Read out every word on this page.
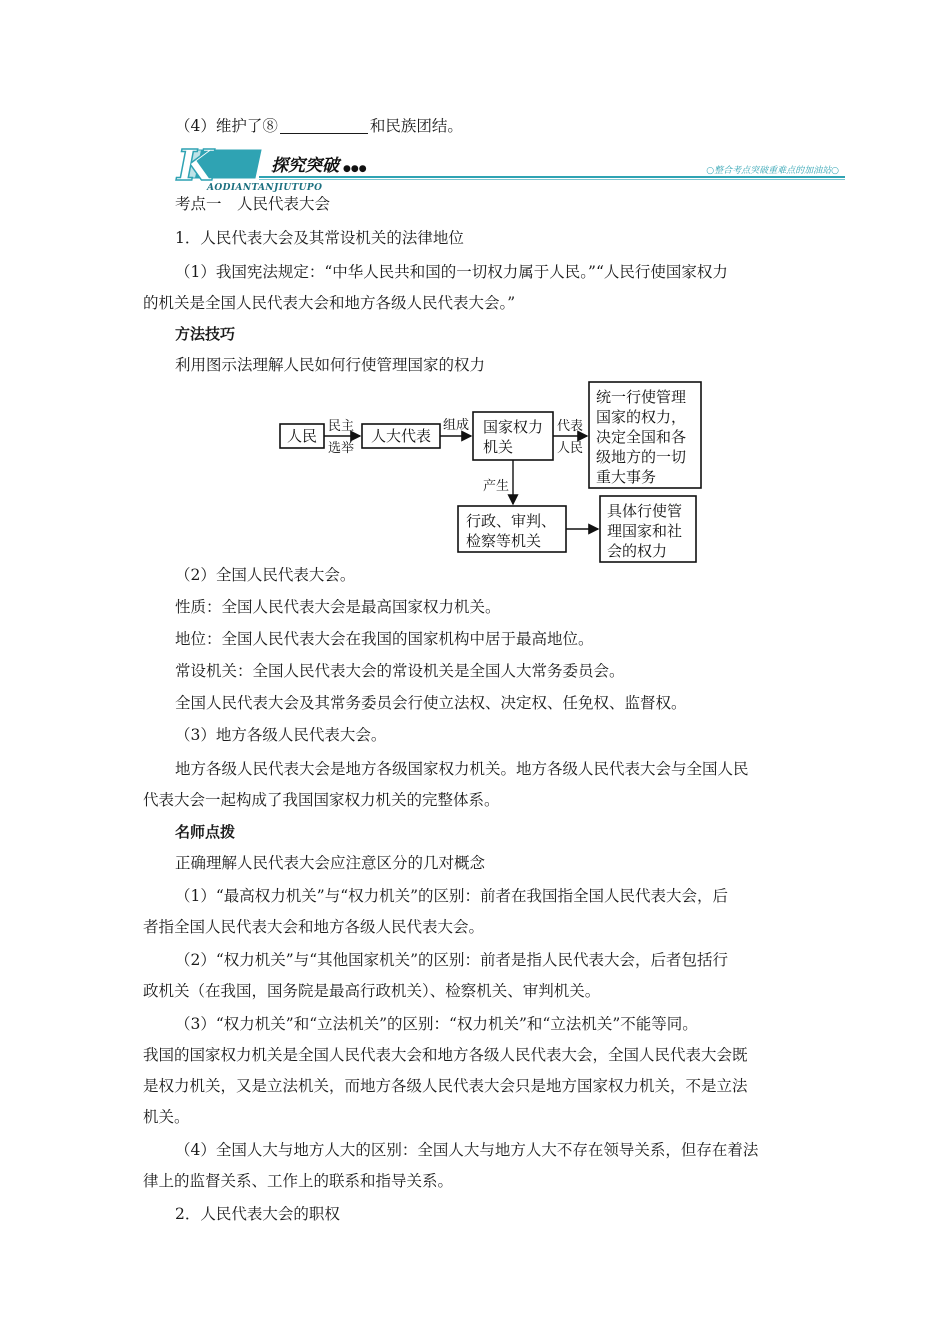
（4）维护了⑧	和民族团结。
K	探究突破 ●●●
AODIANTANJIUTUPO
○整合考点突破重难点的加油站○
考点一　人民代表大会
1．人民代表大会及其常设机关的法律地位
（1）我国宪法规定：“中华人民共和国的一切权力属于人民。”“人民行使国家权力
的机关是全国人民代表大会和地方各级人民代表大会。”
方法技巧
利用图示法理解人民如何行使管理国家的权力
人民
民主
选举
人大代表
组成 国家权力
机关
代表
人民
统一行使管理
国家的权力，
决定全国和各
级地方的一切
重大事务
产生
行政、审判、
检察等机关
具体行使管
理国家和社
会的权力
（2）全国人民代表大会。
性质：全国人民代表大会是最高国家权力机关。
地位：全国人民代表大会在我国的国家机构中居于最高地位。
常设机关：全国人民代表大会的常设机关是全国人大常务委员会。
全国人民代表大会及其常务委员会行使立法权、决定权、任免权、监督权。
（3）地方各级人民代表大会。
地方各级人民代表大会是地方各级国家权力机关。地方各级人民代表大会与全国人民
代表大会一起构成了我国国家权力机关的完整体系。
名师点拨
正确理解人民代表大会应注意区分的几对概念
（1）“最高权力机关”与“权力机关”的区别：前者在我国指全国人民代表大会，后
者指全国人民代表大会和地方各级人民代表大会。
（2）“权力机关”与“其他国家机关”的区别：前者是指人民代表大会，后者包括行
政机关（在我国，国务院是最高行政机关）、检察机关、审判机关。
（3）“权力机关”和“立法机关”的区别：“权力机关”和“立法机关”不能等同。
我国的国家权力机关是全国人民代表大会和地方各级人民代表大会，全国人民代表大会既
是权力机关，又是立法机关，而地方各级人民代表大会只是地方国家权力机关，不是立法
机关。
（4）全国人大与地方人大的区别：全国人大与地方人大不存在领导关系，但存在着法
律上的监督关系、工作上的联系和指导关系。
2．人民代表大会的职权
